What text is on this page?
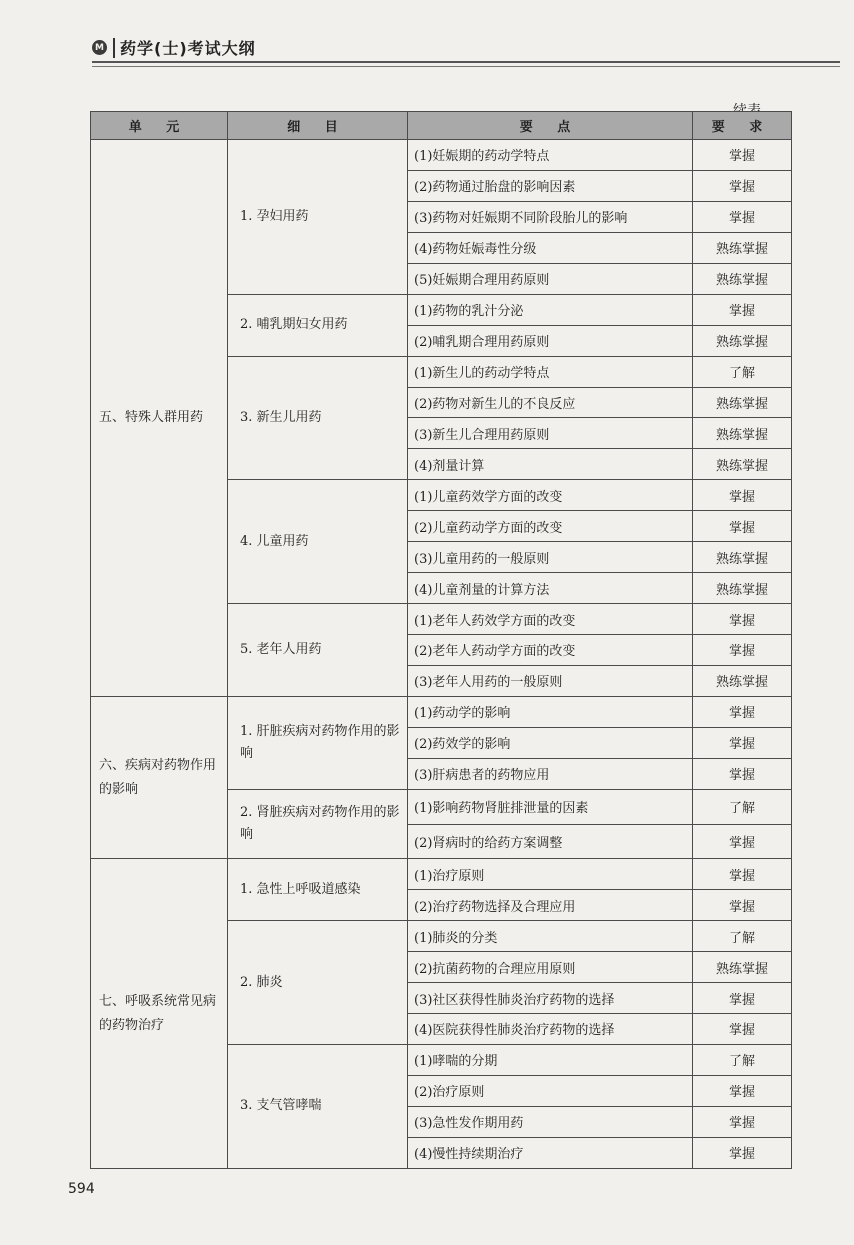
M 药学(士)考试大纲
单 元	细 目	要 点	要 求
五、特殊人群用药	1. 孕妇用药	(1)妊娠期的药动学特点	掌握
		(2)药物通过胎盘的影响因素	掌握
		(3)药物对妊娠期不同阶段胎儿的影响	掌握
		(4)药物妊娠毒性分级	熟练掌握
		(5)妊娠期合理用药原则	熟练掌握
	2. 哺乳期妇女用药	(1)药物的乳汁分泌	掌握
		(2)哺乳期合理用药原则	熟练掌握
	3. 新生儿用药	(1)新生儿的药动学特点	了解
		(2)药物对新生儿的不良反应	熟练掌握
		(3)新生儿合理用药原则	熟练掌握
		(4)剂量计算	熟练掌握
	4. 儿童用药	(1)儿童药效学方面的改变	掌握
		(2)儿童药动学方面的改变	掌握
		(3)儿童用药的一般原则	熟练掌握
		(4)儿童剂量的计算方法	熟练掌握
	5. 老年人用药	(1)老年人药效学方面的改变	掌握
		(2)老年人药动学方面的改变	掌握
		(3)老年人用药的一般原则	熟练掌握
六、疾病对药物作用的影响	1. 肝脏疾病对药物作用的影响	(1)药动学的影响	掌握
		(2)药效学的影响	掌握
		(3)肝病患者的药物应用	掌握
	2. 肾脏疾病对药物作用的影响	(1)影响药物肾脏排泄量的因素	了解
		(2)肾病时的给药方案调整	掌握
七、呼吸系统常见病的药物治疗	1. 急性上呼吸道感染	(1)治疗原则	掌握
		(2)治疗药物选择及合理应用	掌握
	2. 肺炎	(1)肺炎的分类	了解
		(2)抗菌药物的合理应用原则	熟练掌握
		(3)社区获得性肺炎治疗药物的选择	掌握
		(4)医院获得性肺炎治疗药物的选择	掌握
	3. 支气管哮喘	(1)哮喘的分期	了解
		(2)治疗原则	掌握
		(3)急性发作期用药	掌握
		(4)慢性持续期治疗	掌握
594
